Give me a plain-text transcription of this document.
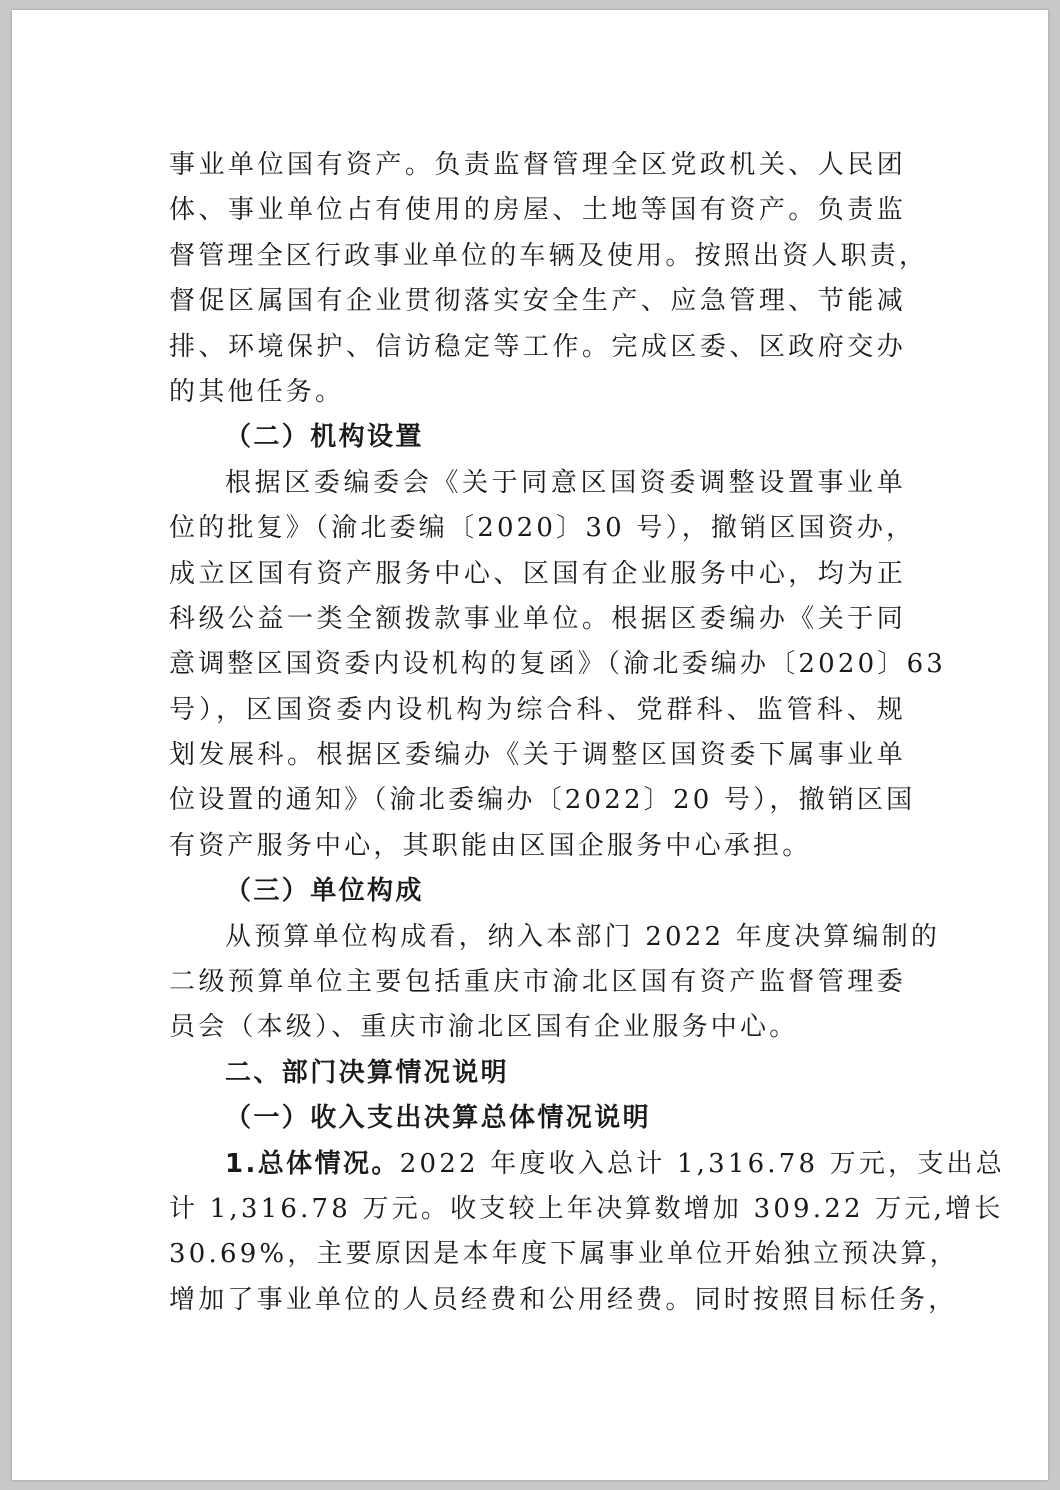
事业单位国有资产。负责监督管理全区党政机关、人民团
体、事业单位占有使用的房屋、土地等国有资产。负责监
督管理全区行政事业单位的车辆及使用。按照出资人职责，
督促区属国有企业贯彻落实安全生产、应急管理、节能减
排、环境保护、信访稳定等工作。完成区委、区政府交办
的其他任务。
（二）机构设置
根据区委编委会《关于同意区国资委调整设置事业单
位的批复》（渝北委编〔2020〕30 号），撤销区国资办，
成立区国有资产服务中心、区国有企业服务中心，均为正
科级公益一类全额拨款事业单位。根据区委编办《关于同
意调整区国资委内设机构的复函》（渝北委编办〔2020〕63
号），区国资委内设机构为综合科、党群科、监管科、规
划发展科。根据区委编办《关于调整区国资委下属事业单
位设置的通知》（渝北委编办〔2022〕20 号），撤销区国
有资产服务中心，其职能由区国企服务中心承担。
（三）单位构成
从预算单位构成看，纳入本部门 2022 年度决算编制的
二级预算单位主要包括重庆市渝北区国有资产监督管理委
员会（本级）、重庆市渝北区国有企业服务中心。
二、部门决算情况说明
（一）收入支出决算总体情况说明
1.总体情况。2022 年度收入总计 1,316.78 万元，支出总
计 1,316.78 万元。收支较上年决算数增加 309.22 万元,增长
30.69%，主要原因是本年度下属事业单位开始独立预决算，
增加了事业单位的人员经费和公用经费。同时按照目标任务，
